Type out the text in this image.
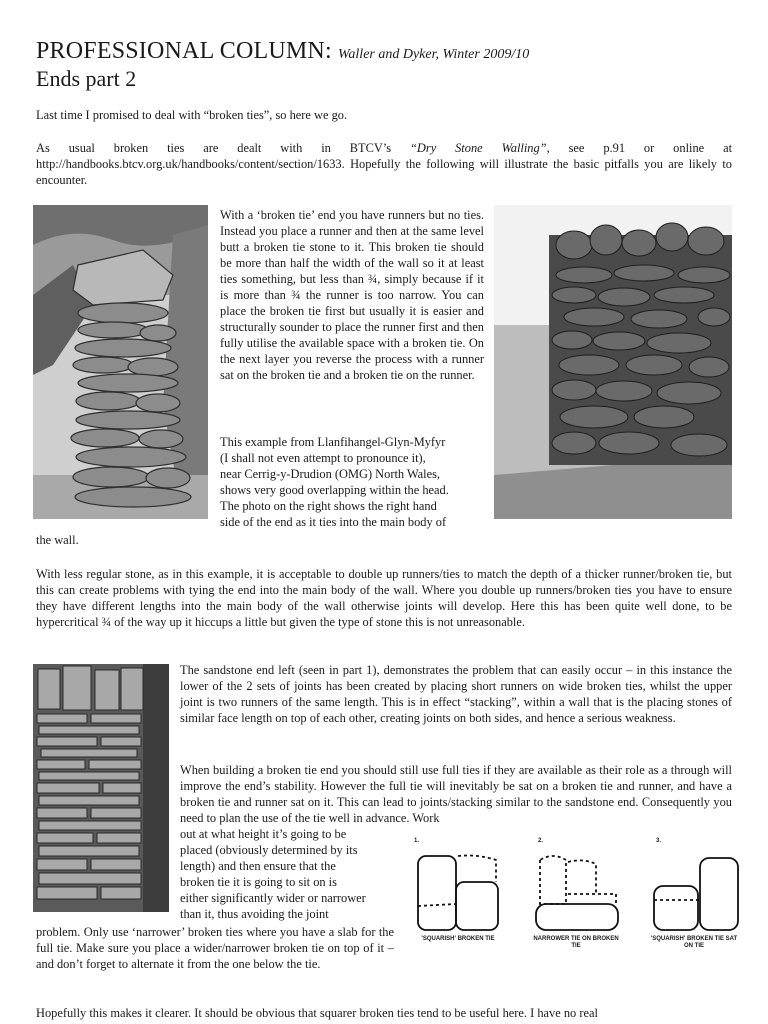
PROFESSIONAL COLUMN: Waller and Dyker, Winter 2009/10
Ends part 2
Last time I promised to deal with “broken ties”, so here we go.
As usual broken ties are dealt with in BTCV’s “Dry Stone Walling”, see p.91 or online at http://handbooks.btcv.org.uk/handbooks/content/section/1633. Hopefully the following will illustrate the basic pitfalls you are likely to encounter.
With a ‘broken tie’ end you have runners but no ties. Instead you place a runner and then at the same level butt a broken tie stone to it. This broken tie should be more than half the width of the wall so it at least ties something, but less than ¾, simply because if it is more than ¾ the runner is too narrow. You can place the broken tie first but usually it is easier and structurally sounder to place the runner first and then fully utilise the available space with a broken tie. On the next layer you reverse the process with a runner sat on the broken tie and a broken tie on the runner.
This example from Llanfihangel-Glyn-Myfyr
(I shall not even attempt to pronounce it),
near Cerrig-y-Drudion (OMG) North Wales,
shows very good overlapping within the head.
The photo on the right shows the right hand
side of the end as it ties into the main body of
the wall.
With less regular stone, as in this example, it is acceptable to double up runners/ties to match the depth of a thicker runner/broken tie, but this can create problems with tying the end into the main body of the wall. Where you double up runners/broken ties you have to ensure they have different lengths into the main body of the wall otherwise joints will develop. Here this has been quite well done, to be hypercritical ¾ of the way up it hiccups a little but given the type of stone this is not unreasonable.
The sandstone end left (seen in part 1), demonstrates the problem that can easily occur – in this instance the lower of the 2 sets of joints has been created by placing short runners on wide broken ties, whilst the upper joint is two runners of the same length. This is in effect “stacking”, within a wall that is the placing stones of similar face length on top of each other, creating joints on both sides, and hence a serious weakness.
When building a broken tie end you should still use full ties if they are available as their role as a through will improve the end’s stability. However the full tie will inevitably be sat on a broken tie and runner, and have a broken tie and runner sat on it. This can lead to joints/stacking similar to the sandstone end. Consequently you need to plan the use of the tie well in advance. Work
out at what height it’s going to be
placed (obviously determined by its
length) and then ensure that the
broken tie it is going to sit on is
either significantly wider or narrower
than it, thus avoiding the joint
problem. Only use ‘narrower’ broken ties where you have a slab for the full tie. Make sure you place a wider/narrower broken tie on top of it – and don’t forget to alternate it from the one below the tie.
1.	2.	3.
'SQUARISH' BROKEN TIE	NARROWER TIE ON BROKEN TIE
'SQUARISH' BROKEN TIE SAT ON TIE
Hopefully this makes it clearer. It should be obvious that squarer broken ties tend to be useful here. I have no real
